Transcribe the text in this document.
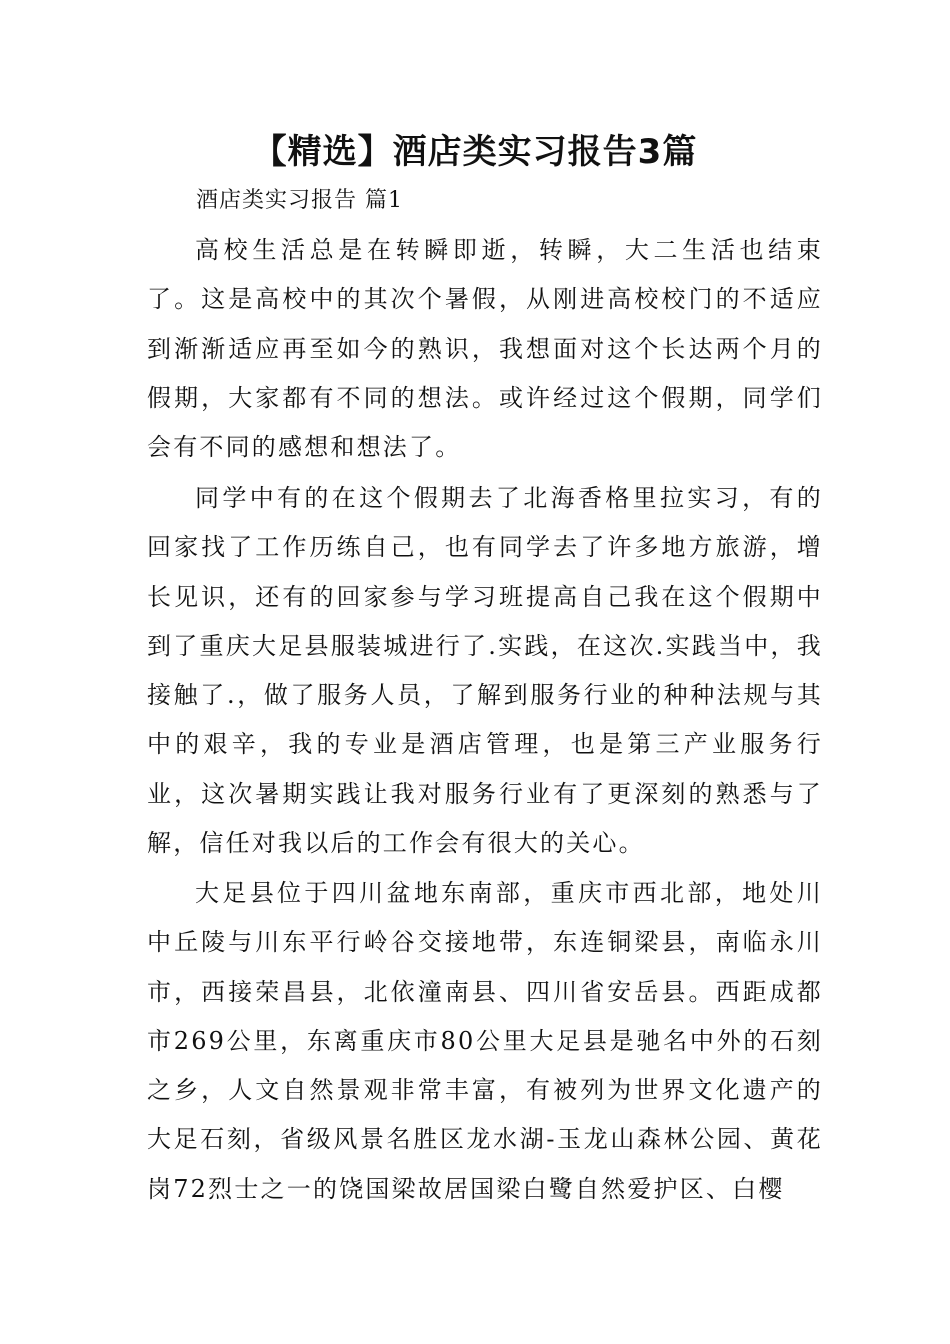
【精选】酒店类实习报告3篇

酒店类实习报告 篇1

高校生活总是在转瞬即逝，转瞬，大二生活也结束了。这是高校中的其次个暑假，从刚进高校校门的不适应到渐渐适应再至如今的熟识，我想面对这个长达两个月的假期，大家都有不同的想法。或许经过这个假期，同学们会有不同的感想和想法了。

同学中有的在这个假期去了北海香格里拉实习，有的回家找了工作历练自己，也有同学去了许多地方旅游，增长见识，还有的回家参与学习班提高自己我在这个假期中到了重庆大足县服装城进行了.实践，在这次.实践当中，我接触了.，做了服务人员，了解到服务行业的种种法规与其中的艰辛，我的专业是酒店管理，也是第三产业服务行业，这次暑期实践让我对服务行业有了更深刻的熟悉与了解，信任对我以后的工作会有很大的关心。

大足县位于四川盆地东南部，重庆市西北部，地处川中丘陵与川东平行岭谷交接地带，东连铜梁县，南临永川市，西接荣昌县，北依潼南县、四川省安岳县。西距成都市269公里，东离重庆市80公里大足县是驰名中外的石刻之乡，人文自然景观非常丰富，有被列为世界文化遗产的大足石刻，省级风景名胜区龙水湖-玉龙山森林公园、黄花岗72烈士之一的饶国梁故居国梁白鹭自然爱护区、白樱
